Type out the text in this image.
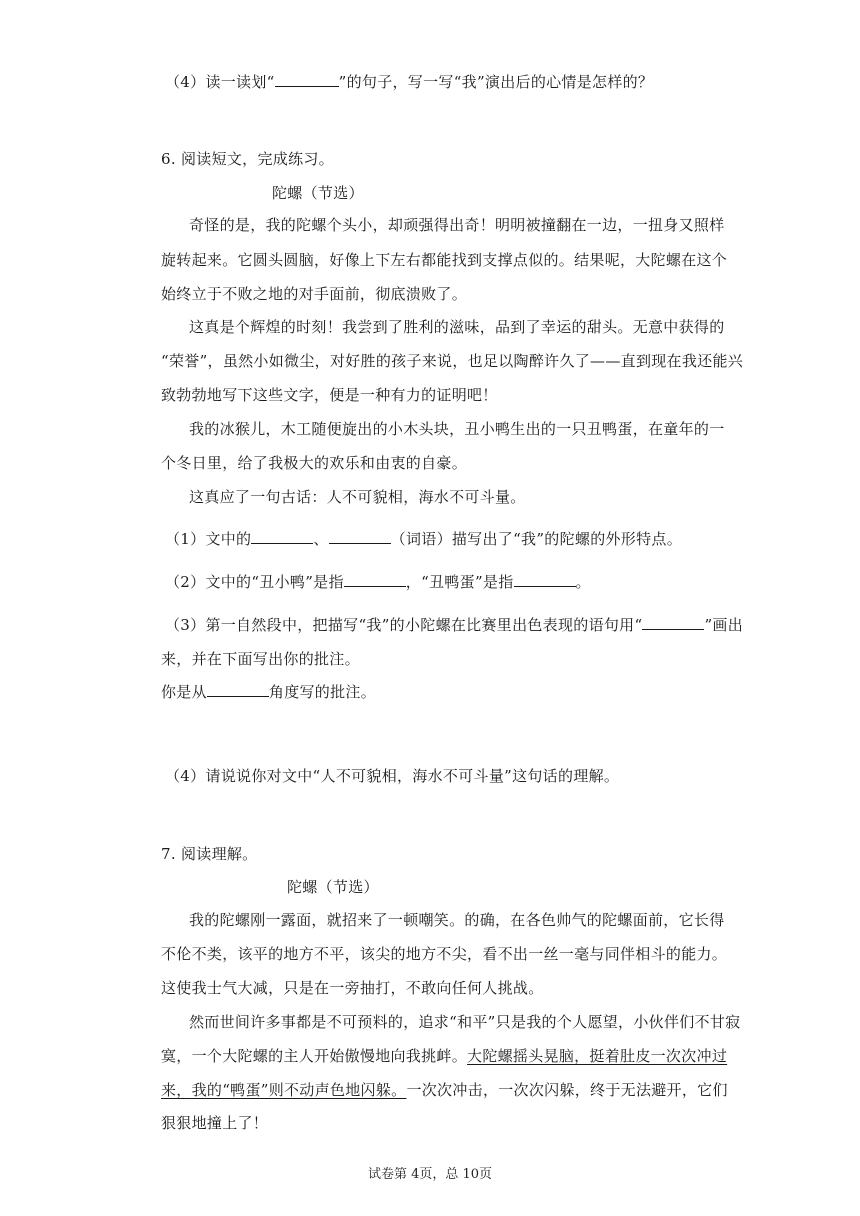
（4）读一读划“	”的句子，写一写“我”演出后的心情是怎样的？
6. 阅读短文，完成练习。
陀螺（节选）
奇怪的是，我的陀螺个头小，却顽强得出奇！明明被撞翻在一边，一扭身又照样
旋转起来。它圆头圆脑，好像上下左右都能找到支撑点似的。结果呢，大陀螺在这个
始终立于不败之地的对手面前，彻底溃败了。
这真是个辉煌的时刻！我尝到了胜利的滋味，品到了幸运的甜头。无意中获得的
“荣誉”，虽然小如微尘，对好胜的孩子来说，也足以陶醉许久了——直到现在我还能兴
致勃勃地写下这些文字，便是一种有力的证明吧！
我的冰猴儿，木工随便旋出的小木头块，丑小鸭生出的一只丑鸭蛋，在童年的一
个冬日里，给了我极大的欢乐和由衷的自豪。
这真应了一句古话：人不可貌相，海水不可斗量。
（1）文中的	、	（词语）描写出了“我”的陀螺的外形特点。
（2）文中的“丑小鸭”是指	，“丑鸭蛋”是指	。
（3）第一自然段中，把描写“我”的小陀螺在比赛里出色表现的语句用“	”画出
来，并在下面写出你的批注。
你是从	角度写的批注。
（4）请说说你对文中“人不可貌相，海水不可斗量”这句话的理解。
7. 阅读理解。
陀螺（节选）
我的陀螺刚一露面，就招来了一顿嘲笑。的确，在各色帅气的陀螺面前，它长得
不伦不类，该平的地方不平，该尖的地方不尖，看不出一丝一毫与同伴相斗的能力。
这使我士气大减，只是在一旁抽打，不敢向任何人挑战。
然而世间许多事都是不可预料的，追求“和平”只是我的个人愿望，小伙伴们不甘寂
寞，一个大陀螺的主人开始傲慢地向我挑衅。大陀螺摇头晃脑，挺着肚皮一次次冲过
来，我的“鸭蛋”则不动声色地闪躲。一次次冲击，一次次闪躲，终于无法避开，它们
狠狠地撞上了！
试卷第 4页，总 10页
